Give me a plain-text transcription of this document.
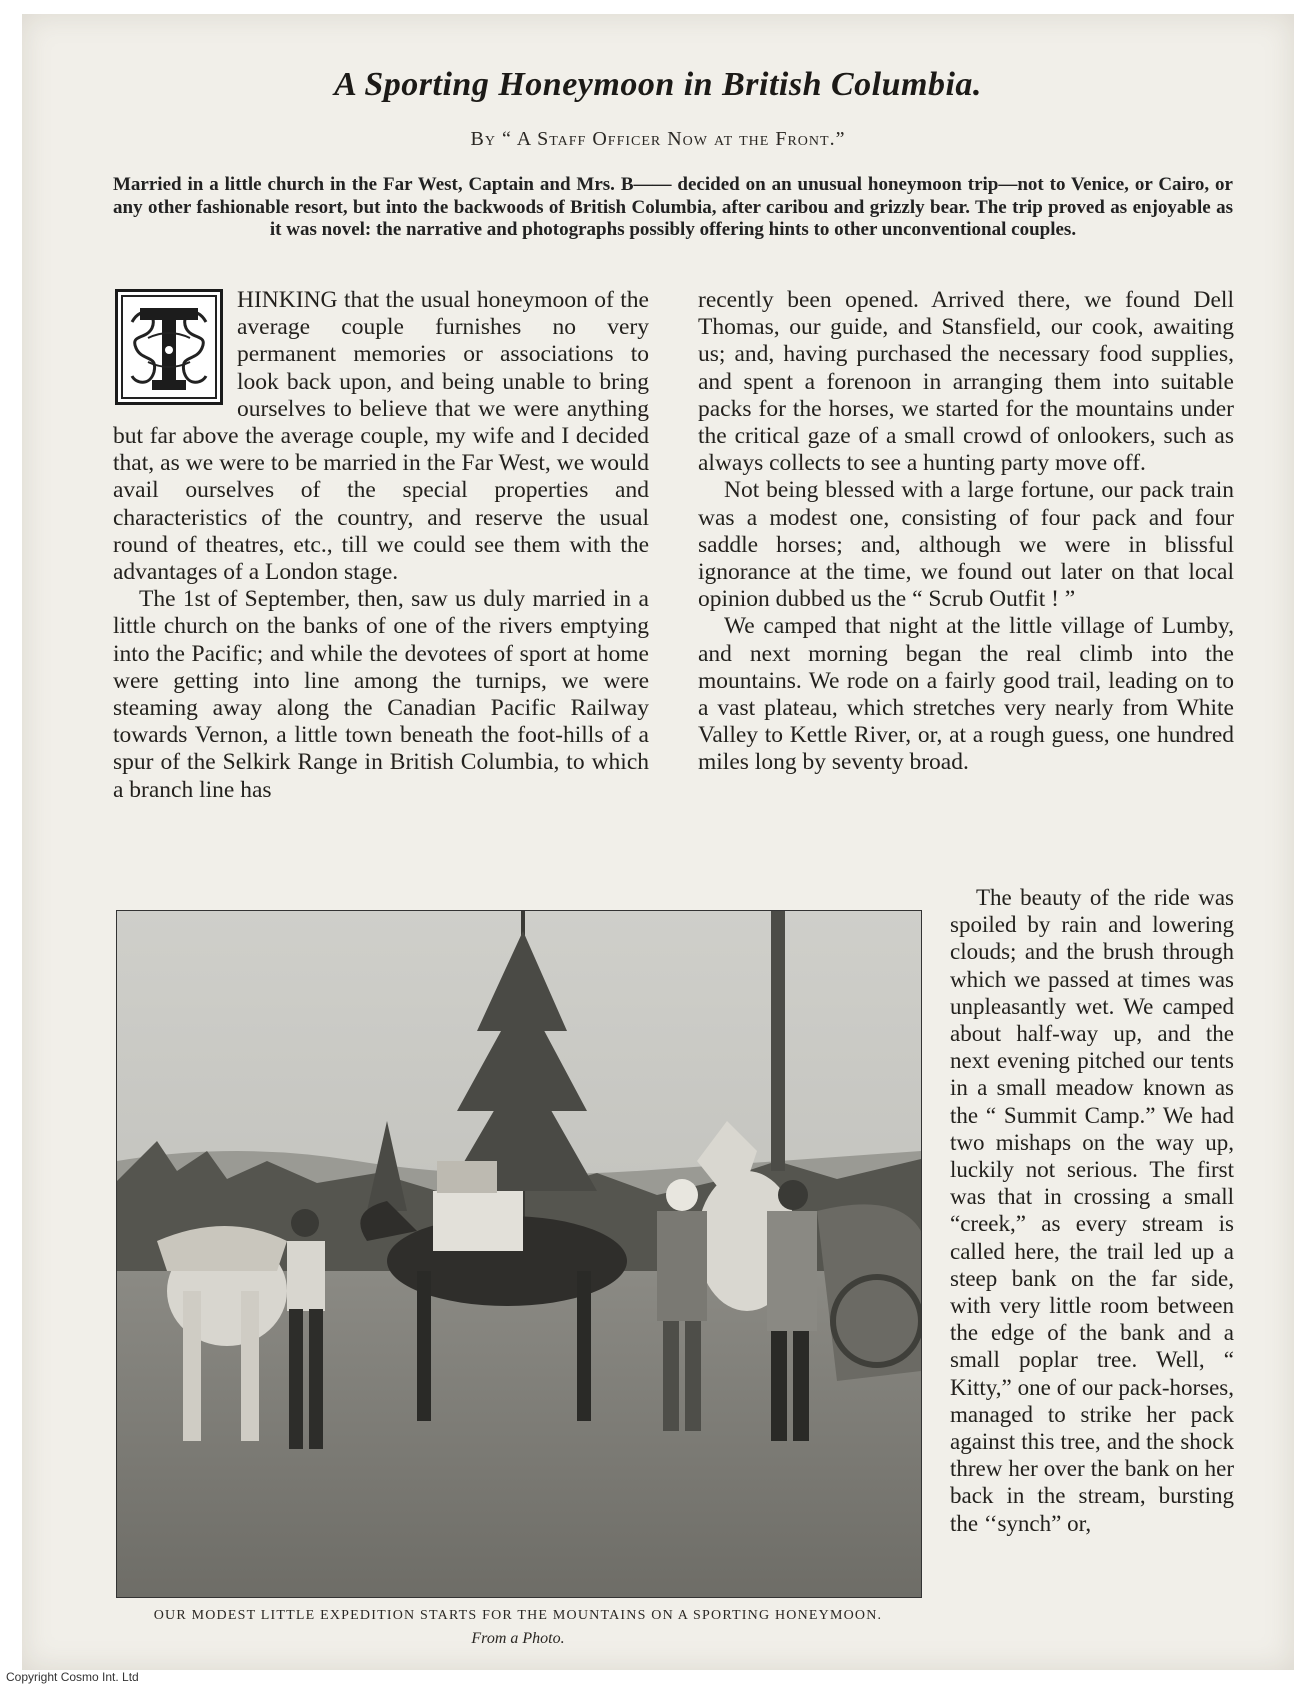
A Sporting Honeymoon in British Columbia.
By “ A Staff Officer Now at the Front.”
Married in a little church in the Far West, Captain and Mrs. B—— decided on an unusual honeymoon trip—not to Venice, or Cairo, or any other fashionable resort, but into the backwoods of British Columbia, after caribou and grizzly bear. The trip proved as enjoyable as it was novel: the narrative and photographs possibly offering hints to other unconventional couples.

HINKING that the usual honeymoon of the average couple furnishes no very permanent memories or associations to look back upon, and being unable to bring ourselves to believe that we were anything but far above the average couple, my wife and I decided that, as we were to be married in the Far West, we would avail ourselves of the special properties and characteristics of the country, and reserve the usual round of theatres, etc., till we could see them with the advantages of a London stage.

The 1st of September, then, saw us duly married in a little church on the banks of one of the rivers emptying into the Pacific; and while the devotees of sport at home were getting into line among the turnips, we were steaming away along the Canadian Pacific Railway towards Vernon, a little town beneath the foot-hills of a spur of the Selkirk Range in British Columbia, to which a branch line has

recently been opened. Arrived there, we found Dell Thomas, our guide, and Stansfield, our cook, awaiting us; and, having purchased the necessary food supplies, and spent a forenoon in arranging them into suitable packs for the horses, we started for the mountains under the critical gaze of a small crowd of onlookers, such as always collects to see a hunting party move off.

Not being blessed with a large fortune, our pack train was a modest one, consisting of four pack and four saddle horses; and, although we were in blissful ignorance at the time, we found out later on that local opinion dubbed us the “ Scrub Outfit ! ”

We camped that night at the little village of Lumby, and next morning began the real climb into the mountains. We rode on a fairly good trail, leading on to a vast plateau, which stretches very nearly from White Valley to Kettle River, or, at a rough guess, one hundred miles long by seventy broad.

The beauty of the ride was spoiled by rain and lowering clouds; and the brush through which we passed at times was unpleasantly wet. We camped about half-way up, and the next evening pitched our tents in a small meadow known as the “ Summit Camp.” We had two mishaps on the way up, luckily not serious. The first was that in crossing a small “creek,” as every stream is called here, the trail led up a steep bank on the far side, with very little room between the edge of the bank and a small poplar tree. Well, “ Kitty,” one of our pack-horses, managed to strike her pack against this tree, and the shock threw her over the bank on her back in the stream, bursting the ‘‘synch” or,

OUR MODEST LITTLE EXPEDITION STARTS FOR THE MOUNTAINS ON A SPORTING HONEYMOON.
From a Photo.
Copyright Cosmo Int. Ltd
